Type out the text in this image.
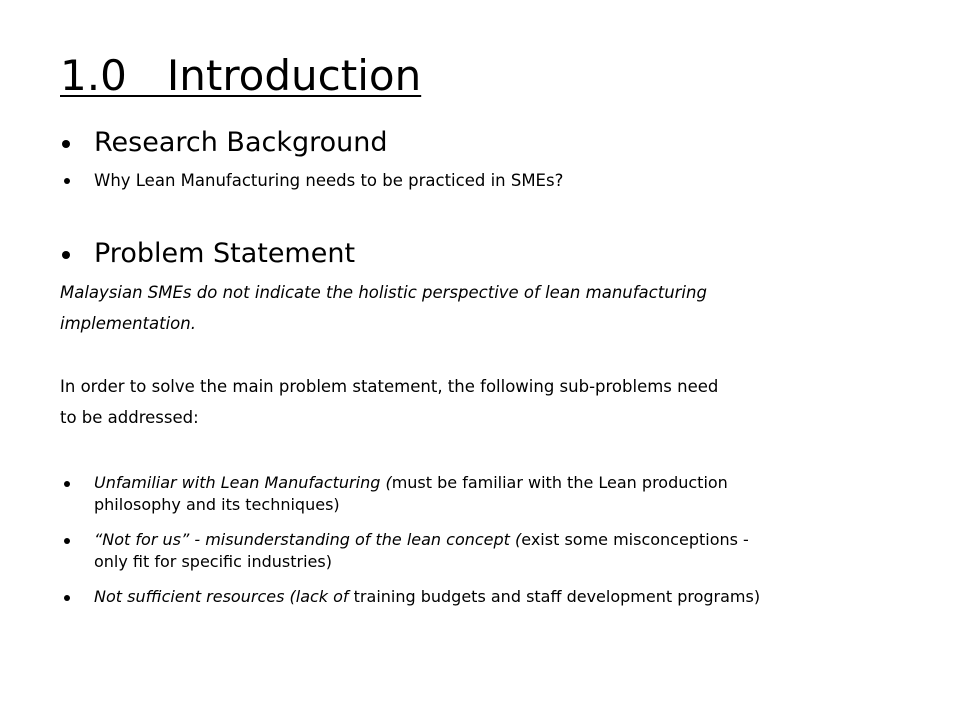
1.0   Introduction
Research Background
Why Lean Manufacturing needs to be practiced in SMEs?
Problem Statement
Malaysian SMEs do not indicate the holistic perspective of lean manufacturing
implementation.
In order to solve the main problem statement, the following sub-problems need
to be addressed:
Unfamiliar with Lean Manufacturing (must be familiar with the Lean production
philosophy and its techniques)
“Not for us” - misunderstanding of the lean concept (exist some misconceptions -
only fit for specific industries)
Not sufficient resources (lack of training budgets and staff development programs)
